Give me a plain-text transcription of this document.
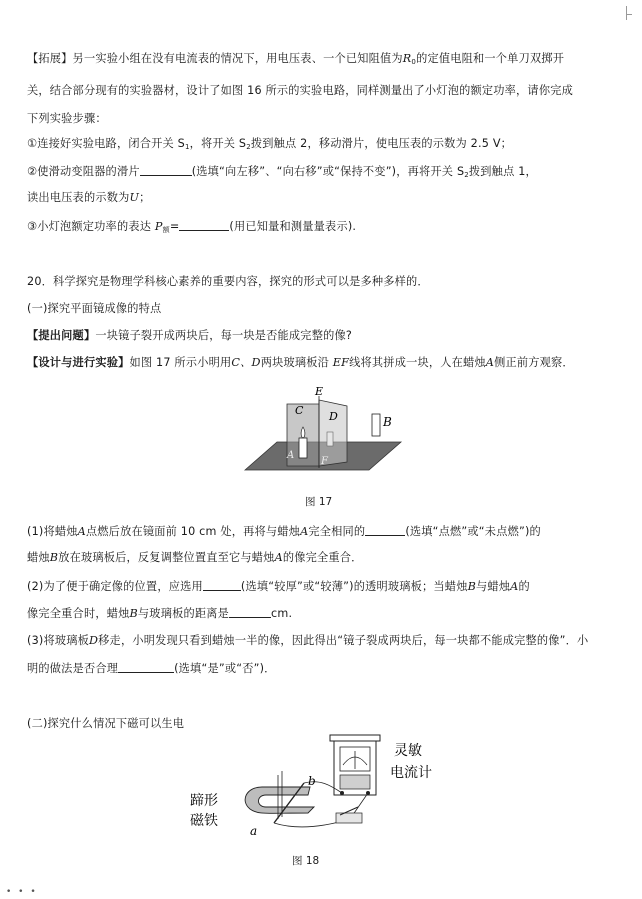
【拓展】另一实验小组在没有电流表的情况下，用电压表、一个已知阻值为$R_0$的定值电阻和一个单刀双掷开
关，结合部分现有的实验器材，设计了如图 16 所示的实验电路，同样测量出了小灯泡的额定功率，请你完成
下列实验步骤：
①连接好实验电路，闭合开关 $S_1$，将开关 $S_2$拨到触点 2，移动滑片，使电压表的示数为 2.5 V；
②使滑动变阻器的滑片	(选填“向左移”、“向右移”或“保持不变”)，再将开关 $S_2$拨到触点 1，
读出电压表的示数为U；
③小灯泡额定功率的表达 $P_额=$	(用已知量和测量量表示).
20．科学探究是物理学科核心素养的重要内容，探究的形式可以是多种多样的．
(一)探究平面镜成像的特点
【提出问题】一块镜子裂开成两块后，每一块是否能成完整的像?
【设计与进行实验】如图 17 所示小明用C、D两块玻璃板沿 EF线将其拼成一块，人在蜡烛A侧正前方观察．
E
C D	B
A
F
图 17
(1)将蜡烛A点燃后放在镜面前 10 cm 处，再将与蜡烛A完全相同的	(选填“点燃”或“未点燃”)的
蜡烛B放在玻璃板后，反复调整位置直至它与蜡烛A的像完全重合．
(2)为了便于确定像的位置，应选用	(选填“较厚”或“较薄”)的透明玻璃板；当蜡烛B与蜡烛A的
像完全重合时，蜡烛B与玻璃板的距离是	cm.
(3)将玻璃板D移走，小明发现只看到蜡烛一半的像，因此得出“镜子裂成两块后，每一块都不能成完整的像”．小
明的做法是否合理	(选填“是”或“否”)．
(二)探究什么情况下磁可以生电
a
b
蹄形
磁铁
灵敏
电流计
图 18
• • •
